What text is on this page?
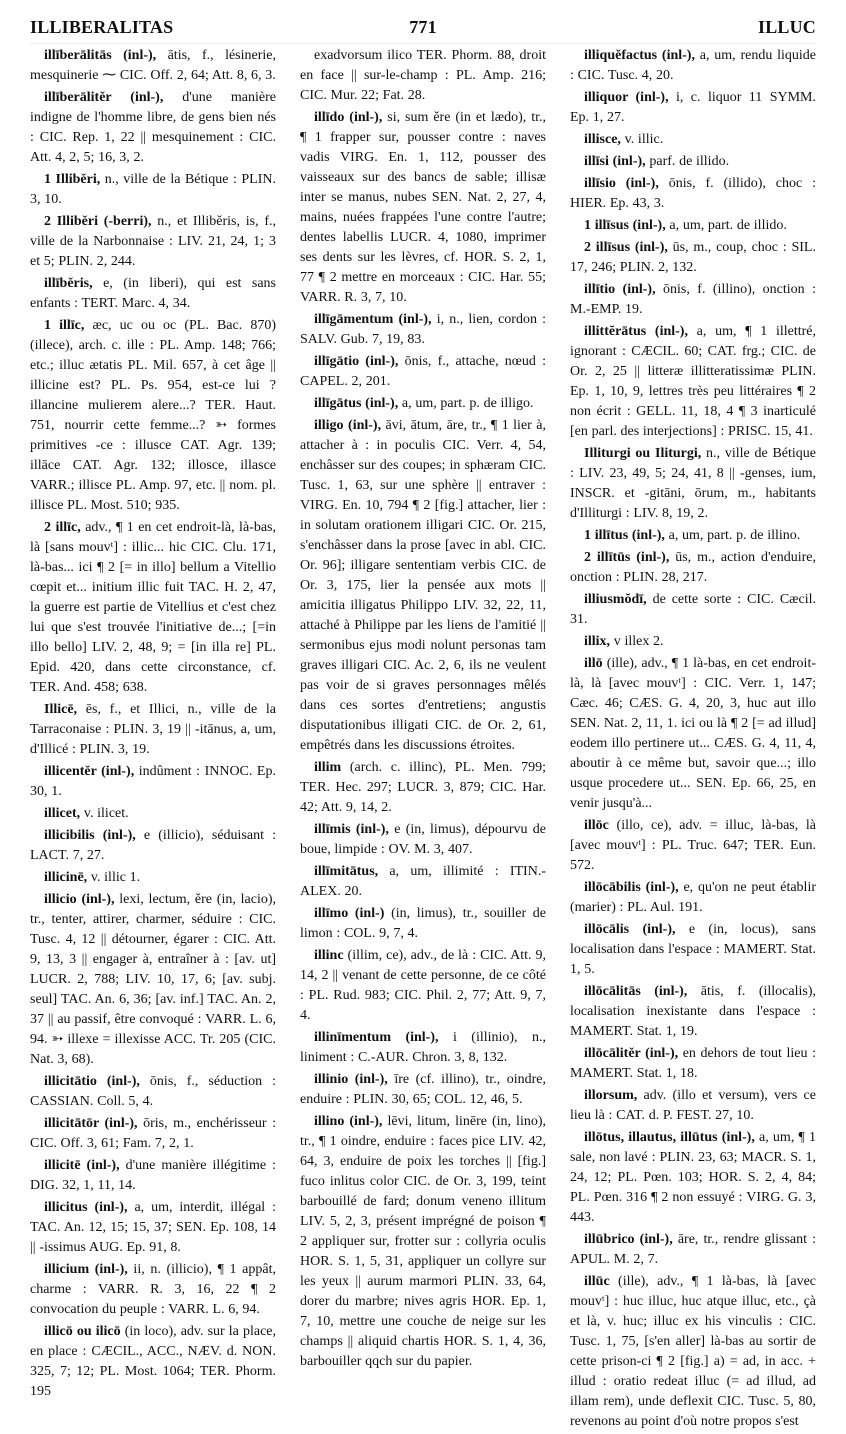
ILLIBERALITAS	771	ILLUC

illīberālitās (inl-), ātis, f., lésinerie, mesquinerie ⁓ CIC. Off. 2, 64; Att. 8, 6, 3.

illīberālitěr (inl-), d'une manière indigne de l'homme libre, de gens bien nés : CIC. Rep. 1, 22 || mesquinement : CIC. Att. 4, 2, 5; 16, 3, 2.

1 Illiběri, n., ville de la Bétique : PLIN. 3, 10.

2 Illiběri (-berri), n., et Illiběris, is, f., ville de la Narbonnaise : LIV. 21, 24, 1; 3 et 5; PLIN. 2, 244.

illīběris, e, (in liberi), qui est sans enfants : TERT. Marc. 4, 34.

1 illīc, æc, uc ou oc (PL. Bac. 870) (illece), arch. c. ille : PL. Amp. 148; 766; etc.; illuc ætatis PL. Mil. 657, à cet âge || illicine est? PL. Ps. 954, est-ce lui ? illancine mulierem alere...? TER. Haut. 751, nourrir cette femme...? ➳ formes primitives -ce : illusce CAT. Agr. 139; illāce CAT. Agr. 132; illosce, illasce VARR.; illisce PL. Amp. 97, etc. || nom. pl. illisce PL. Most. 510; 935.

2 illīc, adv., ¶ 1 en cet endroit-là, là-bas, là [sans mouvᵗ] : illic... hic CIC. Clu. 171, là-bas... ici ¶ 2 [= in illo] bellum a Vitellio cœpit et... initium illic fuit TAC. H. 2, 47, la guerre est partie de Vitellius et c'est chez lui que s'est trouvée l'initiative de...; [=in illo bello] LIV. 2, 48, 9; = [in illa re] PL. Epid. 420, dans cette circonstance, cf. TER. And. 458; 638.

Illicē, ēs, f., et Illici, n., ville de la Tarraconaise : PLIN. 3, 19 || -itānus, a, um, d'Illicé : PLIN. 3, 19.

illicentěr (inl-), indûment : INNOC. Ep. 30, 1.

illicet, v. ilicet.

illicibilis (inl-), e (illicio), séduisant : LACT. 7, 27.

illicinē, v. illic 1.

illicio (inl-), lexi, lectum, ěre (in, lacio), tr., tenter, attirer, charmer, séduire : CIC. Tusc. 4, 12 || détourner, égarer : CIC. Att. 9, 13, 3 || engager à, entraîner à : [av. ut] LUCR. 2, 788; LIV. 10, 17, 6; [av. subj. seul] TAC. An. 6, 36; [av. inf.] TAC. An. 2, 37 || au passif, être convoqué : VARR. L. 6, 94. ➳ illexe = illexisse ACC. Tr. 205 (CIC. Nat. 3, 68).

illicitātio (inl-), ōnis, f., séduction : CASSIAN. Coll. 5, 4.

illicitātōr (inl-), ōris, m., enchérisseur : CIC. Off. 3, 61; Fam. 7, 2, 1.

illicitē (inl-), d'une manière illégitime : DIG. 32, 1, 11, 14.

illicitus (inl-), a, um, interdit, illégal : TAC. An. 12, 15; 15, 37; SEN. Ep. 108, 14 || -issimus AUG. Ep. 91, 8.

illicium (inl-), ii, n. (illicio), ¶ 1 appât, charme : VARR. R. 3, 16, 22 ¶ 2 convocation du peuple : VARR. L. 6, 94.

illicō ou ilicō (in loco), adv. sur la place, en place : CÆCIL., ACC., NÆV. d. NON. 325, 7; 12; PL. Most. 1064; TER. Phorm. 195

exadvorsum ilico TER. Phorm. 88, droit en face || sur-le-champ : PL. Amp. 216; CIC. Mur. 22; Fat. 28.

illīdo (inl-), si, sum ěre (in et lædo), tr., ¶ 1 frapper sur, pousser contre : naves vadis VIRG. En. 1, 112, pousser des vaisseaux sur des bancs de sable; illisæ inter se manus, nubes SEN. Nat. 2, 27, 4, mains, nuées frappées l'une contre l'autre; dentes labellis LUCR. 4, 1080, imprimer ses dents sur les lèvres, cf. HOR. S. 2, 1, 77 ¶ 2 mettre en morceaux : CIC. Har. 55; VARR. R. 3, 7, 10.

illīgāmentum (inl-), i, n., lien, cordon : SALV. Gub. 7, 19, 83.

illīgātio (inl-), ōnis, f., attache, nœud : CAPEL. 2, 201.

illīgātus (inl-), a, um, part. p. de illigo.

illigo (inl-), āvi, ātum, āre, tr., ¶ 1 lier à, attacher à : in poculis CIC. Verr. 4, 54, enchâsser sur des coupes; in sphæram CIC. Tusc. 1, 63, sur une sphère || entraver : VIRG. En. 10, 794 ¶ 2 [fig.] attacher, lier : in solutam orationem illigari CIC. Or. 215, s'enchâsser dans la prose [avec in abl. CIC. Or. 96]; illigare sententiam verbis CIC. de Or. 3, 175, lier la pensée aux mots || amicitia illigatus Philippo LIV. 32, 22, 11, attaché à Philippe par les liens de l'amitié || sermonibus ejus modi nolunt personas tam graves illigari CIC. Ac. 2, 6, ils ne veulent pas voir de si graves personnages mêlés dans ces sortes d'entretiens; angustis disputationibus illigati CIC. de Or. 2, 61, empêtrés dans les discussions étroites.

illim (arch. c. illinc), PL. Men. 799; TER. Hec. 297; LUCR. 3, 879; CIC. Har. 42; Att. 9, 14, 2.

illīmis (inl-), e (in, limus), dépourvu de boue, limpide : OV. M. 3, 407.

illīmitātus, a, um, illimité : ITIN.-ALEX. 20.

illīmo (inl-) (in, limus), tr., souiller de limon : COL. 9, 7, 4.

illinc (illim, ce), adv., de là : CIC. Att. 9, 14, 2 || venant de cette personne, de ce côté : PL. Rud. 983; CIC. Phil. 2, 77; Att. 9, 7, 4.

illinīmentum (inl-), i (illinio), n., liniment : C.-AUR. Chron. 3, 8, 132.

illinio (inl-), īre (cf. illino), tr., oindre, enduire : PLIN. 30, 65; COL. 12, 46, 5.

illino (inl-), lēvi, litum, linēre (in, lino), tr., ¶ 1 oindre, enduire : faces pice LIV. 42, 64, 3, enduire de poix les torches || [fig.] fuco inlitus color CIC. de Or. 3, 199, teint barbouillé de fard; donum veneno illitum LIV. 5, 2, 3, présent imprégné de poison ¶ 2 appliquer sur, frotter sur : collyria oculis HOR. S. 1, 5, 31, appliquer un collyre sur les yeux || aurum marmori PLIN. 33, 64, dorer du marbre; nives agris HOR. Ep. 1, 7, 10, mettre une couche de neige sur les champs || aliquid chartis HOR. S. 1, 4, 36, barbouiller qqch sur du papier.

illiquěfactus (inl-), a, um, rendu liquide : CIC. Tusc. 4, 20.

illiquor (inl-), i, c. liquor 11 SYMM. Ep. 1, 27.

illisce, v. illic.

illīsi (inl-), parf. de illido.

illīsio (inl-), ōnis, f. (illido), choc : HIER. Ep. 43, 3.

1 illīsus (inl-), a, um, part. de illido.

2 illīsus (inl-), ūs, m., coup, choc : SIL. 17, 246; PLIN. 2, 132.

illītio (inl-), ōnis, f. (illino), onction : M.-EMP. 19.

illittĕrātus (inl-), a, um, ¶ 1 illettré, ignorant : CÆCIL. 60; CAT. frg.; CIC. de Or. 2, 25 || litteræ illitteratissimæ PLIN. Ep. 1, 10, 9, lettres très peu littéraires ¶ 2 non écrit : GELL. 11, 18, 4 ¶ 3 inarticulé [en parl. des interjections] : PRISC. 15, 41.

Illiturgi ou Iliturgi, n., ville de Bétique : LIV. 23, 49, 5; 24, 41, 8 || -genses, ium, INSCR. et -gitāni, ōrum, m., habitants d'Illiturgi : LIV. 8, 19, 2.

1 illītus (inl-), a, um, part. p. de illino.

2 illītūs (inl-), ūs, m., action d'enduire, onction : PLIN. 28, 217.

illiusmŏdī, de cette sorte : CIC. Cæcil. 31.

illix, v illex 2.

illō (ille), adv., ¶ 1 là-bas, en cet endroit-là, là [avec mouvᵗ] : CIC. Verr. 1, 147; Cæc. 46; CÆS. G. 4, 20, 3, huc aut illo SEN. Nat. 2, 11, 1. ici ou là ¶ 2 [= ad illud] eodem illo pertinere ut... CÆS. G. 4, 11, 4, aboutir à ce même but, savoir que...; illo usque procedere ut... SEN. Ep. 66, 25, en venir jusqu'à...

illōc (illo, ce), adv. = illuc, là-bas, là [avec mouvᵗ] : PL. Truc. 647; TER. Eun. 572.

illōcābilis (inl-), e, qu'on ne peut établir (marier) : PL. Aul. 191.

illōcālis (inl-), e (in, locus), sans localisation dans l'espace : MAMERT. Stat. 1, 5.

illōcālitās (inl-), ātis, f. (illocalis), localisation inexistante dans l'espace : MAMERT. Stat. 1, 19.

illōcālitěr (inl-), en dehors de tout lieu : MAMERT. Stat. 1, 18.

illorsum, adv. (illo et versum), vers ce lieu là : CAT. d. P. FEST. 27, 10.

illōtus, illautus, illūtus (inl-), a, um, ¶ 1 sale, non lavé : PLIN. 23, 63; MACR. S. 1, 24, 12; PL. Pœn. 103; HOR. S. 2, 4, 84; PL. Pœn. 316 ¶ 2 non essuyé : VIRG. G. 3, 443.

illūbrico (inl-), āre, tr., rendre glissant : APUL. M. 2, 7.

illūc (ille), adv., ¶ 1 là-bas, là [avec mouvᵗ] : huc illuc, huc atque illuc, etc., çà et là, v. huc; illuc ex his vinculis : CIC. Tusc. 1, 75, [s'en aller] là-bas au sortir de cette prison-ci ¶ 2 [fig.] a) = ad, in acc. + illud : oratio redeat illuc (= ad illud, ad illam rem), unde deflexit CIC. Tusc. 5, 80, revenons au point d'où notre propos s'est
